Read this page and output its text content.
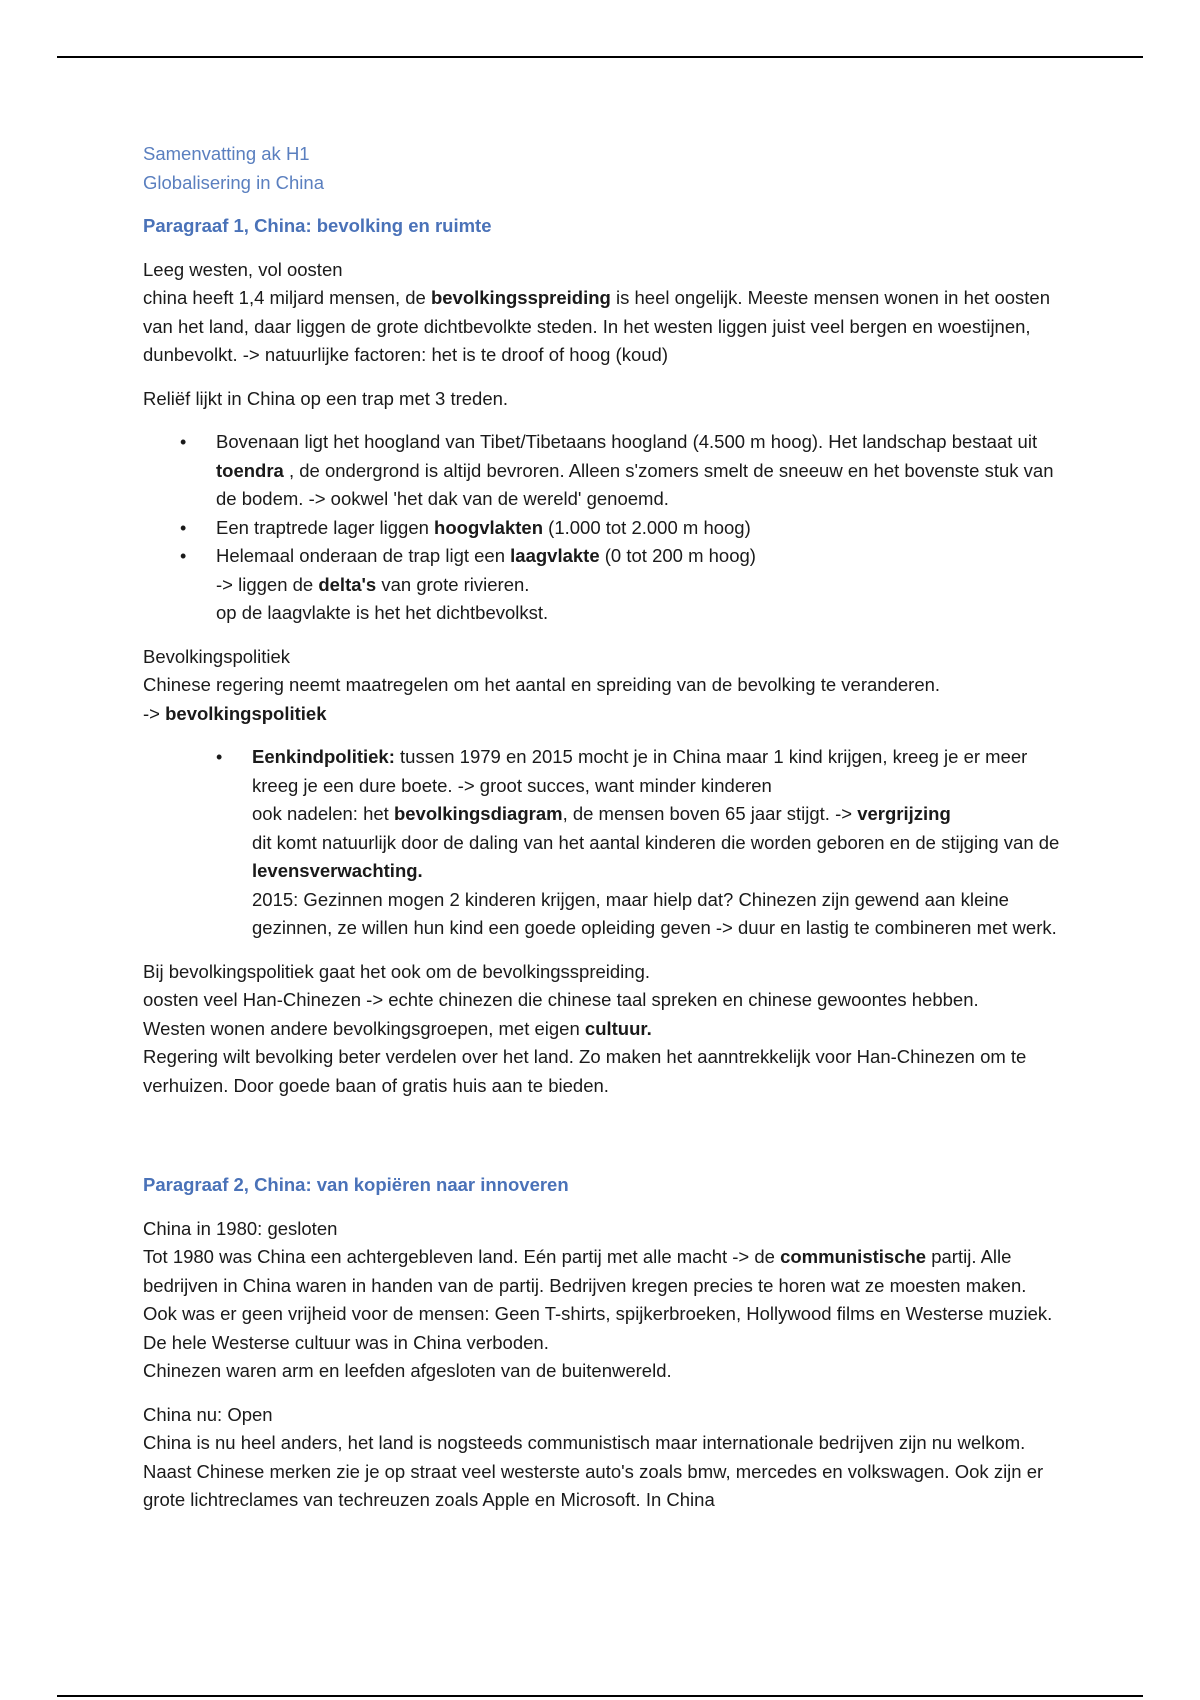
Samenvatting ak H1

Globalisering in China

Paragraaf 1, China: bevolking en ruimte

Leeg westen, vol oosten

china heeft 1,4 miljard mensen, de bevolkingsspreiding is heel ongelijk. Meeste mensen wonen in het oosten van het land, daar liggen de grote dichtbevolkte steden. In het westen liggen juist veel bergen en woestijnen, dunbevolkt. -> natuurlijke factoren: het is te droof of hoog (koud)

Reliëf lijkt in China op een trap met 3 treden.

• Bovenaan ligt het hoogland van Tibet/Tibetaans hoogland (4.500 m hoog). Het landschap bestaat uit toendra , de ondergrond is altijd bevroren. Alleen s'zomers smelt de sneeuw en het bovenste stuk van de bodem. -> ookwel 'het dak van de wereld' genoemd.
• Een traptrede lager liggen hoogvlakten (1.000 tot 2.000 m hoog)
• Helemaal onderaan de trap ligt een laagvlakte (0 tot 200 m hoog)
-> liggen de delta's van grote rivieren.
op de laagvlakte is het het dichtbevolkst.

Bevolkingspolitiek

Chinese regering neemt maatregelen om het aantal en spreiding van de bevolking te veranderen.

-> bevolkingspolitiek

• Eenkindpolitiek: tussen 1979 en 2015 mocht je in China maar 1 kind krijgen, kreeg je er meer kreeg je een dure boete. -> groot succes, want minder kinderen
ook nadelen: het bevolkingsdiagram, de mensen boven 65 jaar stijgt. -> vergrijzing
dit komt natuurlijk door de daling van het aantal kinderen die worden geboren en de stijging van de levensverwachting.
2015: Gezinnen mogen 2 kinderen krijgen, maar hielp dat? Chinezen zijn gewend aan kleine gezinnen, ze willen hun kind een goede opleiding geven -> duur en lastig te combineren met werk.

Bij bevolkingspolitiek gaat het ook om de bevolkingsspreiding.

oosten veel Han-Chinezen -> echte chinezen die chinese taal spreken en chinese gewoontes hebben.

Westen wonen andere bevolkingsgroepen, met eigen cultuur.

Regering wilt bevolking beter verdelen over het land. Zo maken het aanntrekkelijk voor Han-Chinezen om te verhuizen. Door goede baan of gratis huis aan te bieden.

Paragraaf 2, China: van kopiëren naar innoveren

China in 1980: gesloten

Tot 1980 was China een achtergebleven land. Eén partij met alle macht -> de communistische partij. Alle bedrijven in China waren in handen van de partij. Bedrijven kregen precies te horen wat ze moesten maken. Ook was er geen vrijheid voor de mensen: Geen T-shirts, spijkerbroeken, Hollywood films en Westerse muziek. De hele Westerse cultuur was in China verboden.

Chinezen waren arm en leefden afgesloten van de buitenwereld.

China nu: Open

China is nu heel anders, het land is nogsteeds communistisch maar internationale bedrijven zijn nu welkom. Naast Chinese merken zie je op straat veel westerste auto's zoals bmw, mercedes en volkswagen. Ook zijn er grote lichtreclames van techreuzen zoals Apple en Microsoft. In China
